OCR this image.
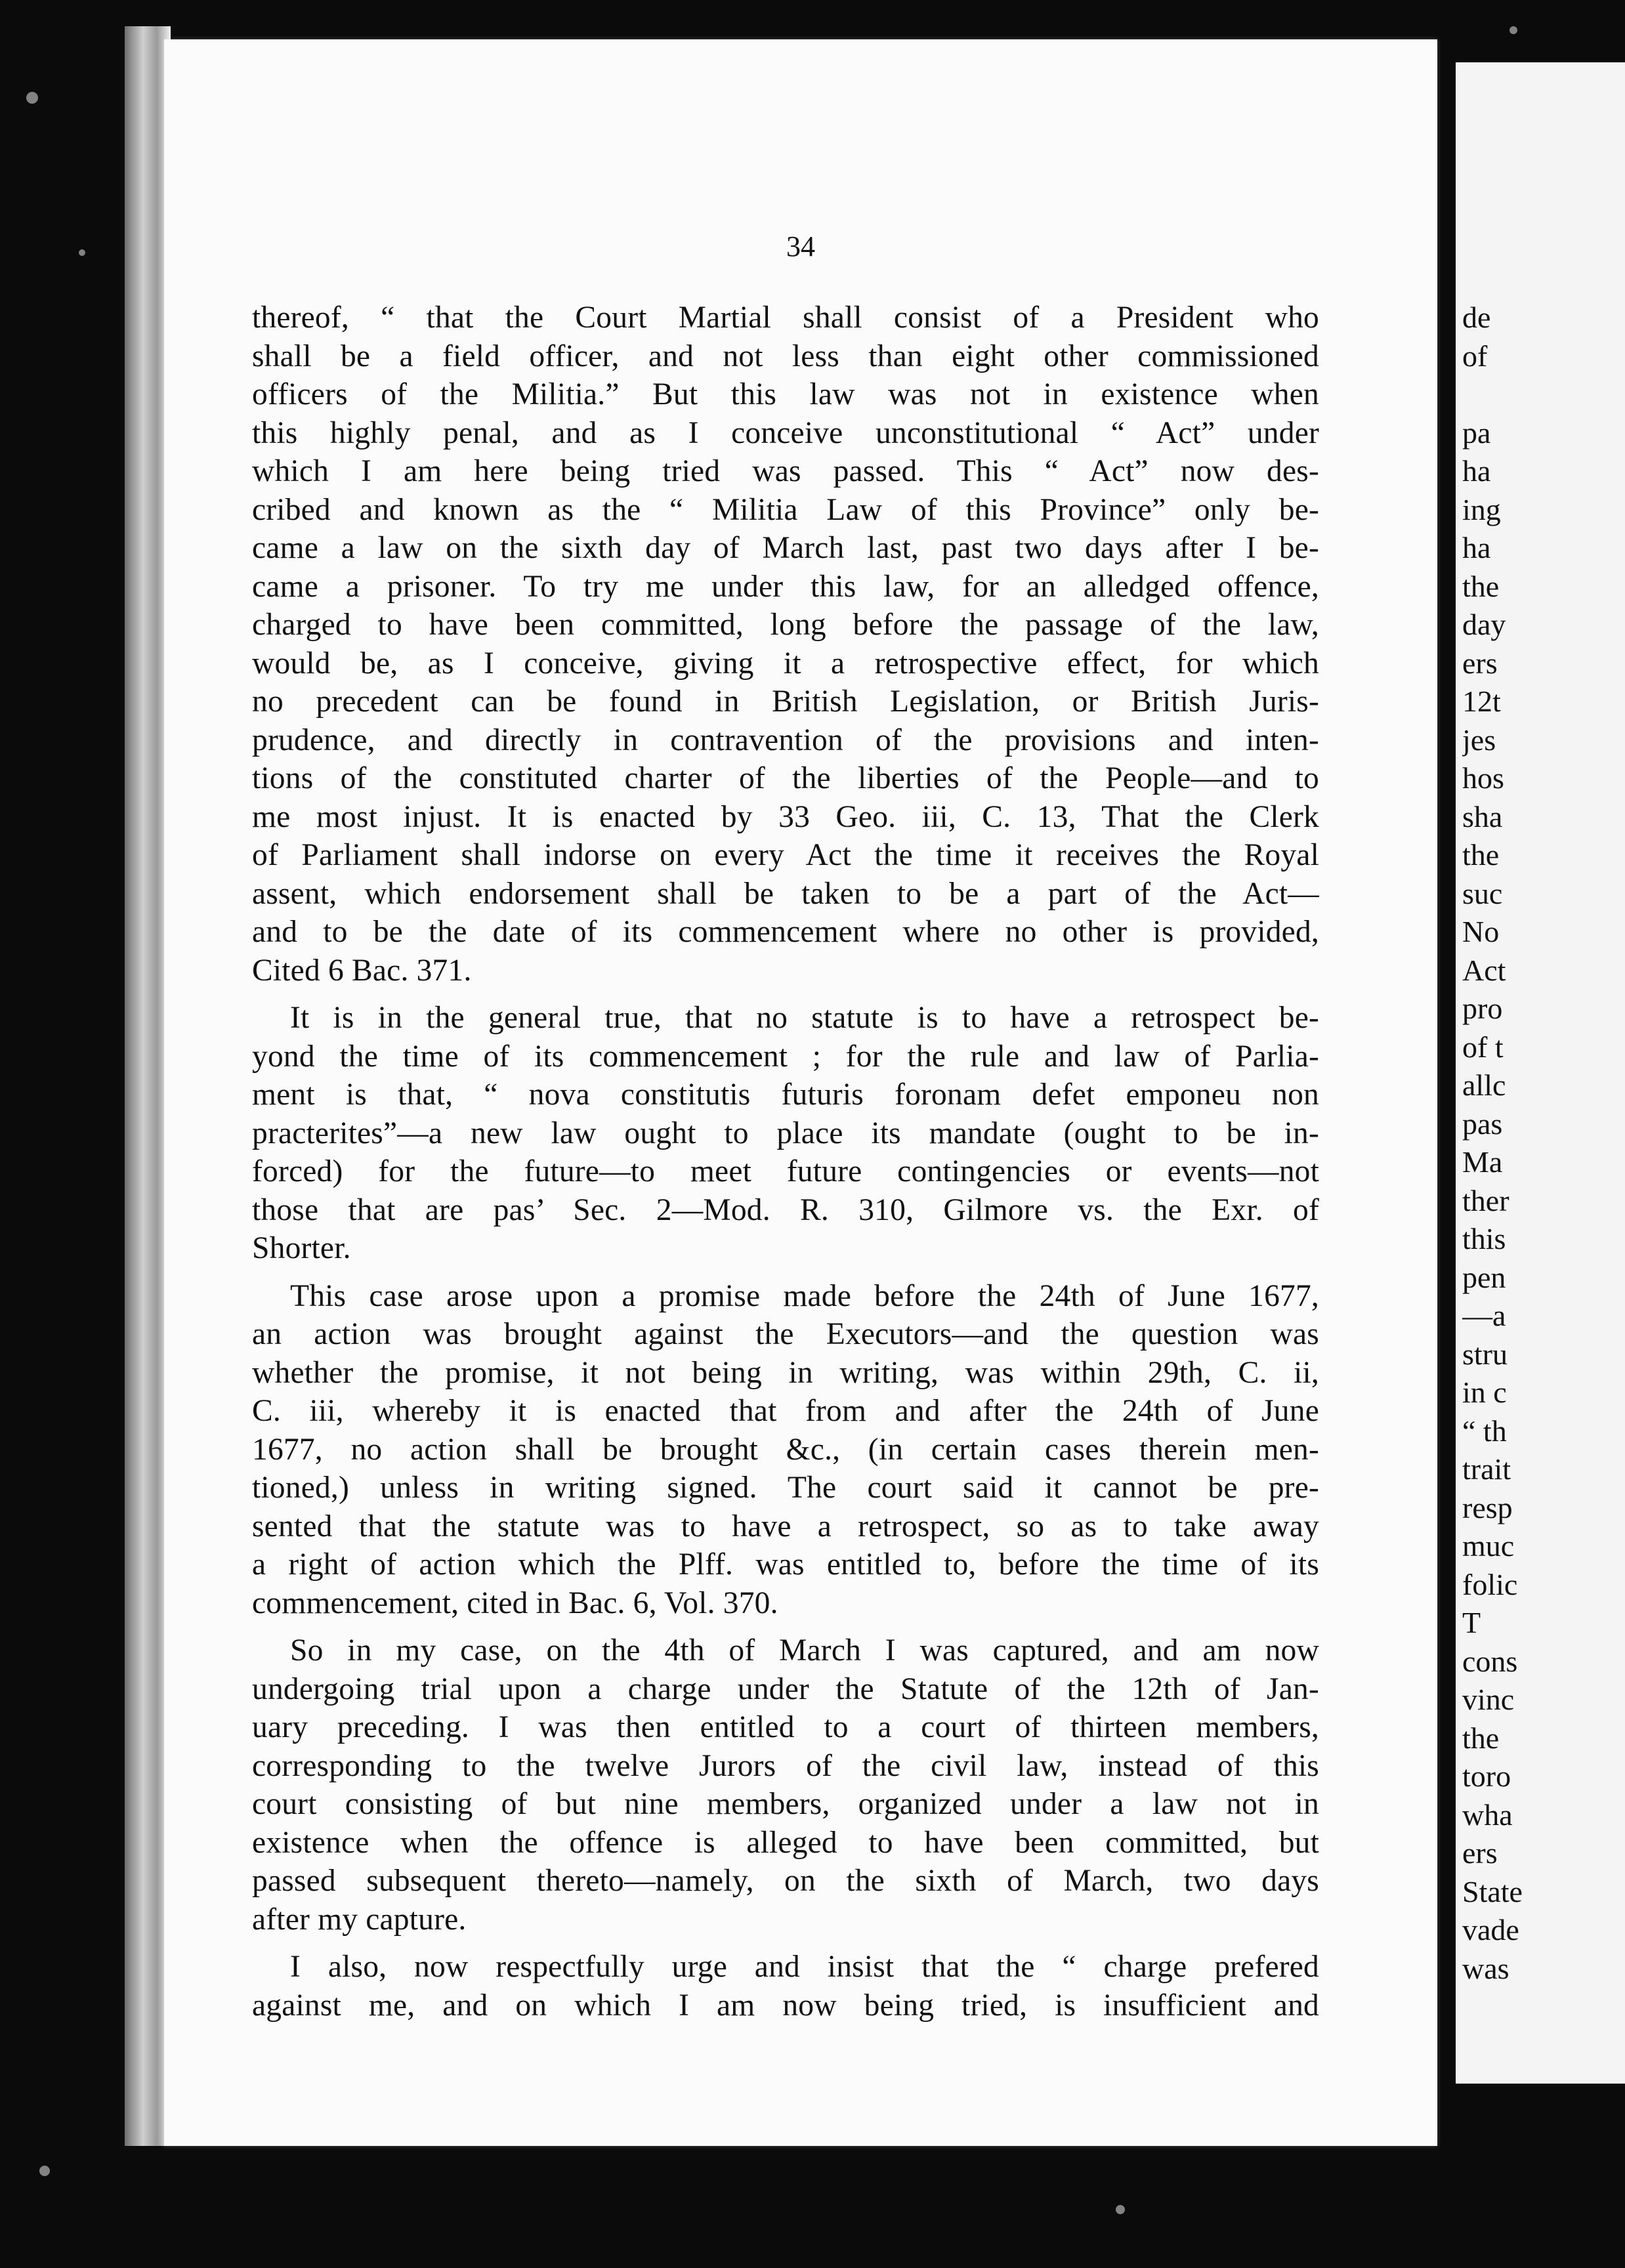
34
thereof, “ that the Court Martial shall consist of a President who
shall be a field officer, and not less than eight other commissioned
officers of the Militia.” But this law was not in existence when
this highly penal, and as I conceive unconstitutional “ Act” under
which I am here being tried was passed. This “ Act” now des-
cribed and known as the “ Militia Law of this Province” only be-
came a law on the sixth day of March last, past two days after I be-
came a prisoner. To try me under this law, for an alledged offence,
charged to have been committed, long before the passage of the law,
would be, as I conceive, giving it a retrospective effect, for which
no precedent can be found in British Legislation, or British Juris-
prudence, and directly in contravention of the provisions and inten-
tions of the constituted charter of the liberties of the People—and to
me most injust. It is enacted by 33 Geo. iii, C. 13, That the Clerk
of Parliament shall indorse on every Act the time it receives the Royal
assent, which endorsement shall be taken to be a part of the Act—
and to be the date of its commencement where no other is provided,
Cited 6 Bac. 371.
It is in the general true, that no statute is to have a retrospect be-
yond the time of its commencement ; for the rule and law of Parlia-
ment is that, “ nova constitutis futuris foronam defet emponeu non
practerites”—a new law ought to place its mandate (ought to be in-
forced) for the future—to meet future contingencies or events—not
those that are pas’ Sec. 2—Mod. R. 310, Gilmore vs. the Exr. of
Shorter.
This case arose upon a promise made before the 24th of June 1677,
an action was brought against the Executors—and the question was
whether the promise, it not being in writing, was within 29th, C. ii,
C. iii, whereby it is enacted that from and after the 24th of June
1677, no action shall be brought &c., (in certain cases therein men-
tioned,) unless in writing signed. The court said it cannot be pre-
sented that the statute was to have a retrospect, so as to take away
a right of action which the Plff. was entitled to, before the time of its
commencement, cited in Bac. 6, Vol. 370.
So in my case, on the 4th of March I was captured, and am now
undergoing trial upon a charge under the Statute of the 12th of Jan-
uary preceding. I was then entitled to a court of thirteen members,
corresponding to the twelve Jurors of the civil law, instead of this
court consisting of but nine members, organized under a law not in
existence when the offence is alleged to have been committed, but
passed subsequent thereto—namely, on the sixth of March, two days
after my capture.
I also, now respectfully urge and insist that the “ charge prefered
against me, and on which I am now being tried, is insufficient and
de
of
pa
ha
ing
ha
the
day
ers
12t
jes
hos
sha
the
suc
No
Act
pro
of t
allc
pas
Ma
ther
this
pen
—a
stru
in c
“ th
trait
resp
muc
folic
T
cons
vinc
the
toro
wha
ers
State
vade
was
